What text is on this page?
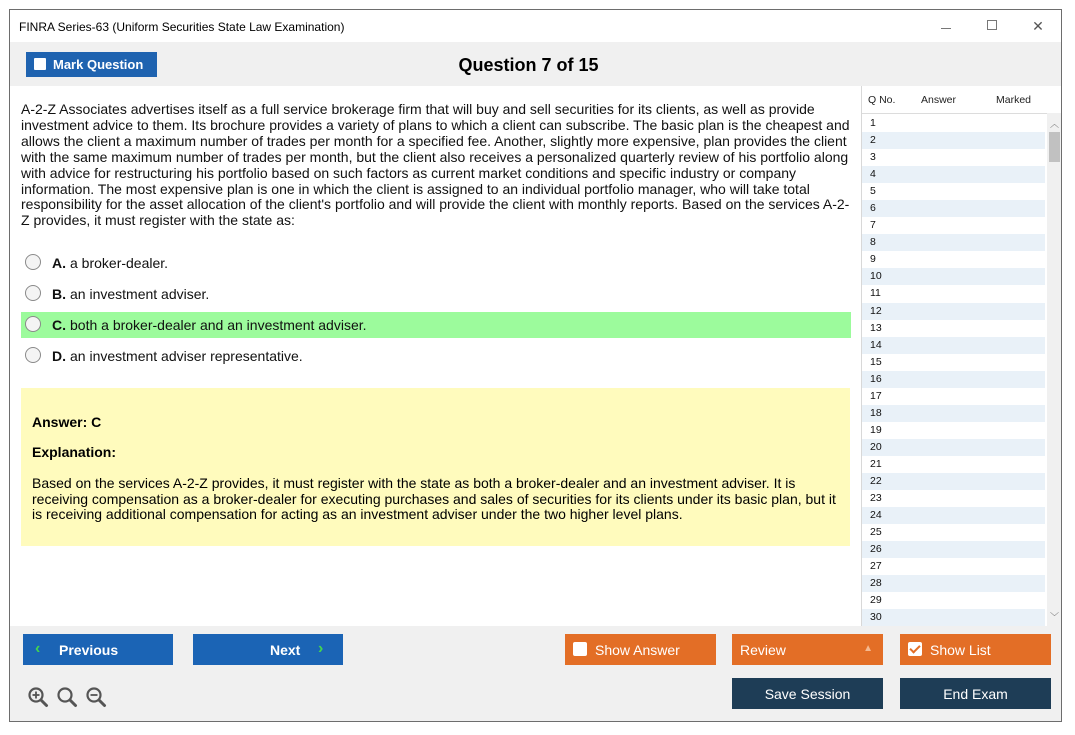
FINRA Series-63 (Uniform Securities State Law Examination)	✕
Mark Question	Question 7 of 15
A-2-Z Associates advertises itself as a full service brokerage firm that will buy and sell securities for its clients, as well as provide investment advice to them. Its brochure provides a variety of plans to which a client can subscribe. The basic plan is the cheapest and allows the client a maximum number of trades per month for a specified fee. Another, slightly more expensive, plan provides the client with the same maximum number of trades per month, but the client also receives a personalized quarterly review of his portfolio along with advice for restructuring his portfolio based on such factors as current market conditions and specific industry or company information. The most expensive plan is one in which the client is assigned to an individual portfolio manager, who will take total responsibility for the asset allocation of the client's portfolio and will provide the client with monthly reports. Based on the services A-2-Z provides, it must register with the state as:
A. a broker-dealer.
B. an investment adviser.
C. both a broker-dealer and an investment adviser.
D. an investment adviser representative.
Answer: C
Explanation:
Based on the services A-2-Z provides, it must register with the state as both a broker-dealer and an investment adviser. It is receiving compensation as a broker-dealer for executing purchases and sales of securities for its clients under its basic plan, but it is receiving additional compensation for acting as an investment adviser under the two higher level plans.
Q No. Answer	Marked
1
2
3
4
5
6
7
8
9
10
11
12
13
14
15
16
17
18
19
20
21
22
23
24
25
26
27
28
29
30
︿
﹀
‹ Previous	Next ›	Show Answer	Review	▲	Show List
Save Session	End Exam
